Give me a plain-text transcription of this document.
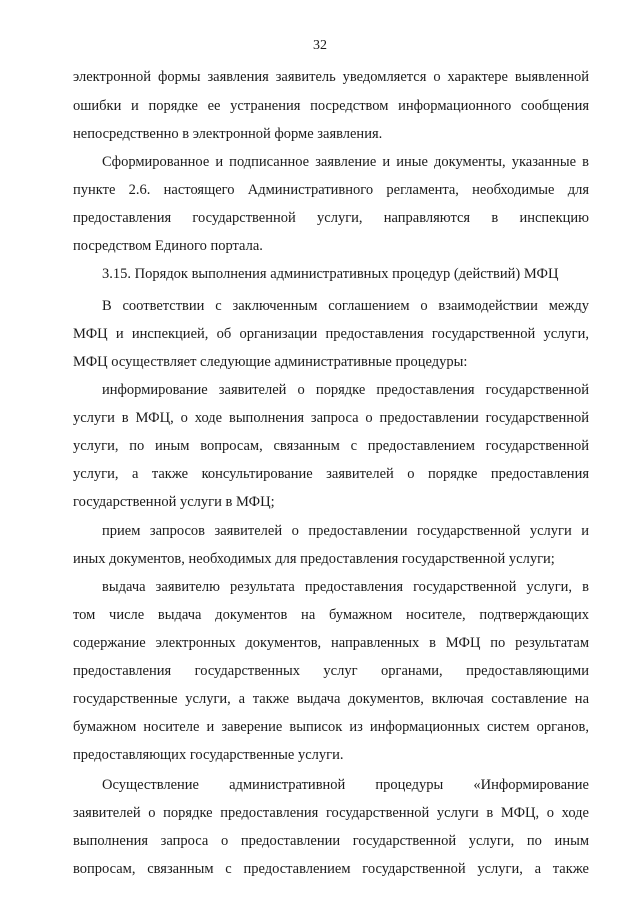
32
электронной формы заявления заявитель уведомляется о характере выявленной
ошибки и порядке ее устранения посредством информационного сообщения
непосредственно в электронной форме заявления.
Сформированное и подписанное заявление и иные документы, указанные в
пункте 2.6. настоящего Административного регламента, необходимые для
предоставления государственной услуги, направляются в инспекцию
посредством Единого портала.
3.15. Порядок выполнения административных процедур (действий) МФЦ
В соответствии с заключенным соглашением о взаимодействии между
МФЦ и инспекцией, об организации предоставления государственной услуги,
МФЦ осуществляет следующие административные процедуры:
информирование заявителей о порядке предоставления государственной
услуги в МФЦ, о ходе выполнения запроса о предоставлении государственной
услуги, по иным вопросам, связанным с предоставлением государственной
услуги, а также консультирование заявителей о порядке предоставления
государственной услуги в МФЦ;
прием запросов заявителей о предоставлении государственной услуги и
иных документов, необходимых для предоставления государственной услуги;
выдача заявителю результата предоставления государственной услуги, в
том числе выдача документов на бумажном носителе, подтверждающих
содержание электронных документов, направленных в МФЦ по результатам
предоставления государственных услуг органами, предоставляющими
государственные услуги, а также выдача документов, включая составление на
бумажном носителе и заверение выписок из информационных систем органов,
предоставляющих государственные услуги.
Осуществление административной процедуры «Информирование
заявителей о порядке предоставления государственной услуги в МФЦ, о ходе
выполнения запроса о предоставлении государственной услуги, по иным
вопросам, связанным с предоставлением государственной услуги, а также
